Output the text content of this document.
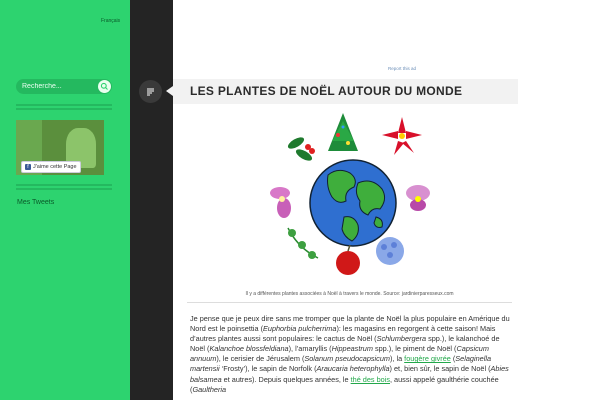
Français
Recherche...
f J'aime cette Page
Mes Tweets
Report this ad
LES PLANTES DE NOËL AUTOUR DU MONDE
Il y a différentes plantes associées à Noël à travers le monde. Source: jardinierparesseux.com
Je pense que je peux dire sans me tromper que la plante de Noël la plus populaire en Amérique du Nord est le poinsettia (Euphorbia pulcherrima): les magasins en regorgent à cette saison! Mais d’autres plantes aussi sont populaires: le cactus de Noël (Schlumbergera spp.), le kalanchoé de Noël (Kalanchoe blossfeldiana), l’amaryllis (Hippeastrum spp.), le piment de Noël (Capsicum annuum), le cerisier de Jérusalem (Solanum pseudocapsicum), la fougère givrée (Selaginella martensii ‘Frosty’), le sapin de Norfolk (Araucaria heterophylla) et, bien sûr, le sapin de Noël (Abies balsamea et autres). Depuis quelques années, le thé des bois, aussi appelé gaulthérie couchée (Gaultheria
